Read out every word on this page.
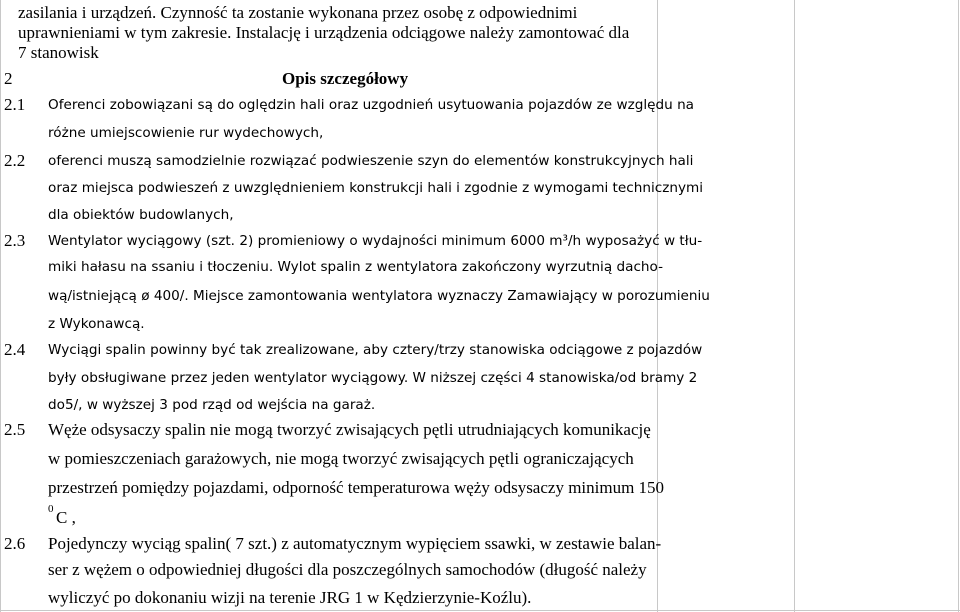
zasilania i urządzeń. Czynność ta zostanie wykonana przez osobę z odpowiednimi
uprawnieniami w tym zakresie. Instalację i urządzenia odciągowe należy zamontować dla
7 stanowisk
2	Opis szczegółowy
2.1 Oferenci zobowiązani są do oględzin hali oraz uzgodnień usytuowania pojazdów ze względu na
różne umiejscowienie rur wydechowych,
2.2 oferenci muszą samodzielnie rozwiązać podwieszenie szyn do elementów konstrukcyjnych hali
oraz miejsca podwieszeń z uwzględnieniem konstrukcji hali i zgodnie z wymogami technicznymi
dla obiektów budowlanych,
2.3 Wentylator wyciągowy (szt. 2) promieniowy o wydajności minimum 6000 m³/h wyposażyć w tłu-
miki hałasu na ssaniu i tłoczeniu. Wylot spalin z wentylatora zakończony wyrzutnią dacho-
wą/istniejącą ø 400/. Miejsce zamontowania wentylatora wyznaczy Zamawiający w porozumieniu
z Wykonawcą.
2.4 Wyciągi spalin powinny być tak zrealizowane, aby cztery/trzy stanowiska odciągowe z pojazdów
były obsługiwane przez jeden wentylator wyciągowy. W niższej części 4 stanowiska/od bramy 2
do5/, w wyższej 3 pod rząd od wejścia na garaż.
2.5 Węże odsysaczy spalin nie mogą tworzyć zwisających pętli utrudniających komunikację
w pomieszczeniach garażowych, nie mogą tworzyć zwisających pętli ograniczających
przestrzeń pomiędzy pojazdami, odporność temperaturowa węży odsysaczy minimum 150
0 C ,
2.6 Pojedynczy wyciąg spalin( 7 szt.) z automatycznym wypięciem ssawki, w zestawie balan-
ser z wężem o odpowiedniej długości dla poszczególnych samochodów (długość należy
wyliczyć po dokonaniu wizji na terenie JRG 1 w Kędzierzynie-Koźlu).
